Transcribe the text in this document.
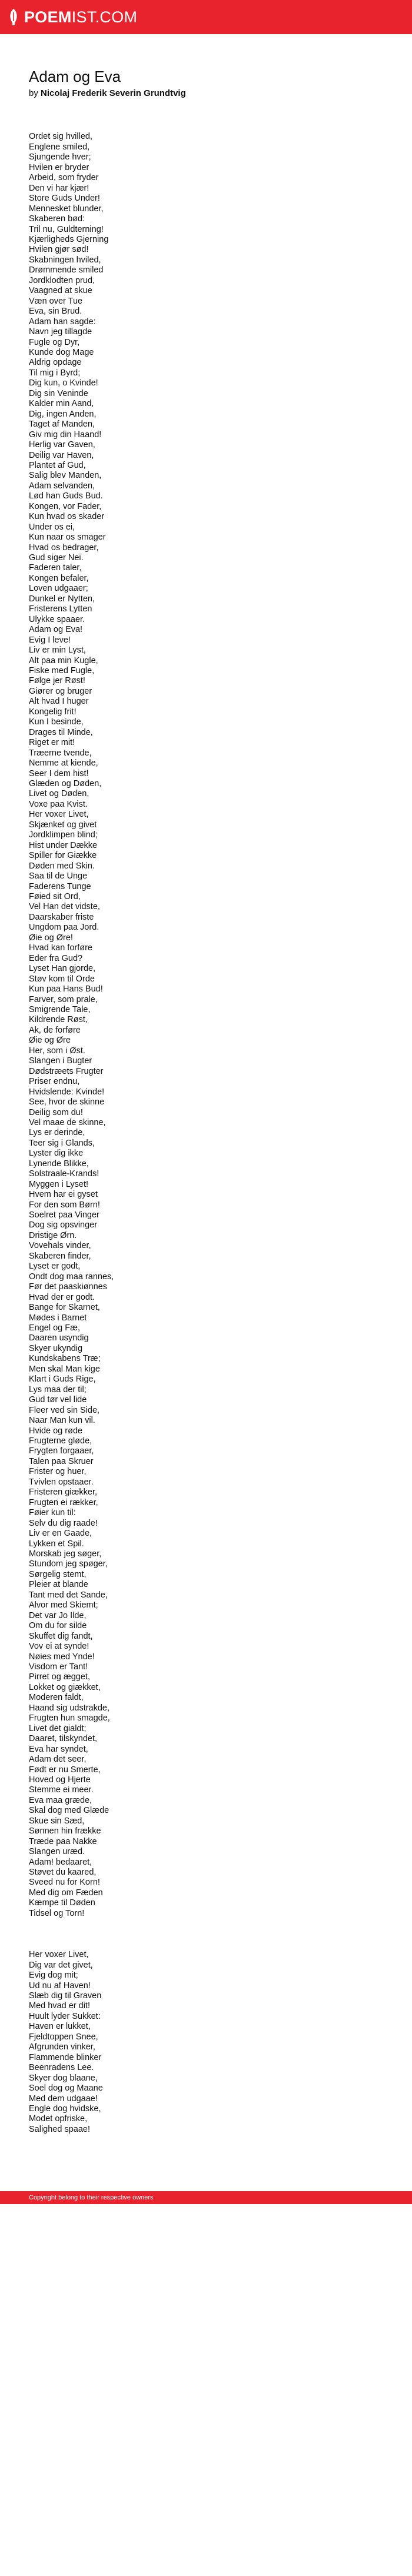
POEMIST.COM
Adam og Eva
by Nicolaj Frederik Severin Grundtvig

Ordet sig hvilled,
Englene smiled,
Sjungende hver;
Hvilen er bryder
Arbeid, som fryder
Den vi har kjær!
Store Guds Under!
Mennesket blunder,
Skaberen bød:
Tril nu, Guldterning!
Kjærligheds Gjerning
Hvilen gjør sød!
Skabningen hviled,
Drømmende smiled
Jordklodten prud,
Vaagned at skue
Væn over Tue
Eva, sin Brud.
Adam han sagde:
Navn jeg tillagde
Fugle og Dyr,
Kunde dog Mage
Aldrig opdage
Til mig i Byrd;
Dig kun, o Kvinde!
Dig sin Veninde
Kalder min Aand,
Dig, ingen Anden,
Taget af Manden,
Giv mig din Haand!
Herlig var Gaven,
Deilig var Haven,
Plantet af Gud,
Salig blev Manden,
Adam selvanden,
Lød han Guds Bud.
Kongen, vor Fader,
Kun hvad os skader
Under os ei,
Kun naar os smager
Hvad os bedrager,
Gud siger Nei.
Faderen taler,
Kongen befaler,
Loven udgaaer;
Dunkel er Nytten,
Fristerens Lytten
Ulykke spaaer.
Adam og Eva!
Evig I leve!
Liv er min Lyst,
Alt paa min Kugle,
Fiske med Fugle,
Følge jer Røst!
Giører og bruger
Alt hvad I huger
Kongelig frit!
Kun I besinde,
Drages til Minde,
Riget er mit!
Træerne tvende,
Nemme at kiende,
Seer I dem hist!
Glæden og Døden,
Livet og Døden,
Voxe paa Kvist.
Her voxer Livet,
Skjænket og givet
Jordklimpen blind;
Hist under Dække
Spiller for Giække
Døden med Skin.
Saa til de Unge
Faderens Tunge
Føied sit Ord,
Vel Han det vidste,
Daarskaber friste
Ungdom paa Jord.
Øie og Øre!
Hvad kan forføre
Eder fra Gud?
Lyset Han gjorde,
Støv kom til Orde
Kun paa Hans Bud!
Farver, som prale,
Smigrende Tale,
Kildrende Røst,
Ak, de forføre
Øie og Øre
Her, som i Øst.
Slangen i Bugter
Dødstræets Frugter
Priser endnu,
Hvidslende: Kvinde!
See, hvor de skinne
Deilig som du!
Vel maae de skinne,
Lys er derinde,
Teer sig i Glands,
Lyster dig ikke
Lynende Blikke,
Solstraale-Krands!
Myggen i Lyset!
Hvem har ei gyset
For den som Børn!
Soelret paa Vinger
Dog sig opsvinger
Dristige Ørn.
Vovehals vinder,
Skaberen finder,
Lyset er godt,
Ondt dog maa rannes,
Før det paaskiønnes
Hvad der er godt.
Bange for Skarnet,
Mødes i Barnet
Engel og Fæ,
Daaren usyndig
Skyer ukyndig
Kundskabens Træ;
Men skal Man kige
Klart i Guds Rige,
Lys maa der til;
Gud tør vel lide
Fleer ved sin Side,
Naar Man kun vil.
Hvide og røde
Frugterne gløde,
Frygten forgaaer,
Talen paa Skruer
Frister og huer,
Tvivlen opstaaer.
Fristeren giækker,
Frugten ei rækker,
Føier kun til:
Selv du dig raade!
Liv er en Gaade,
Lykken et Spil.
Morskab jeg søger,
Stundom jeg spøger,
Sørgelig stemt,
Pleier at blande
Tant med det Sande,
Alvor med Skiemt;
Det var Jo Ilde,
Om du for silde
Skuffet dig fandt,
Vov ei at synde!
Nøies med Ynde!
Visdom er Tant!
Pirret og ægget,
Lokket og giækket,
Moderen faldt,
Haand sig udstrakde,
Frugten hun smagde,
Livet det gialdt;
Daaret, tilskyndet,
Eva har syndet,
Adam det seer,
Født er nu Smerte,
Hoved og Hjerte
Stemme ei meer.
Eva maa græde,
Skal dog med Glæde
Skue sin Sæd,
Sønnen hin frække
Træde paa Nakke
Slangen uræd.
Adam! bedaaret,
Støvet du kaared,
Sveed nu for Korn!
Med dig om Fæden
Kæmpe til Døden
Tidsel og Torn!

Her voxer Livet,
Dig var det givet,
Evig dog mit;
Ud nu af Haven!
Slæb dig til Graven
Med hvad er dit!
Huult lyder Sukket:
Haven er lukket,
Fjeldtoppen Snee,
Afgrunden vinker,
Flammende blinker
Beenradens Lee.
Skyer dog blaane,
Soel dog og Maane
Med dem udgaae!
Engle dog hvidske,
Modet opfriske,
Salighed spaae!

Copyright belong to their respective owners
